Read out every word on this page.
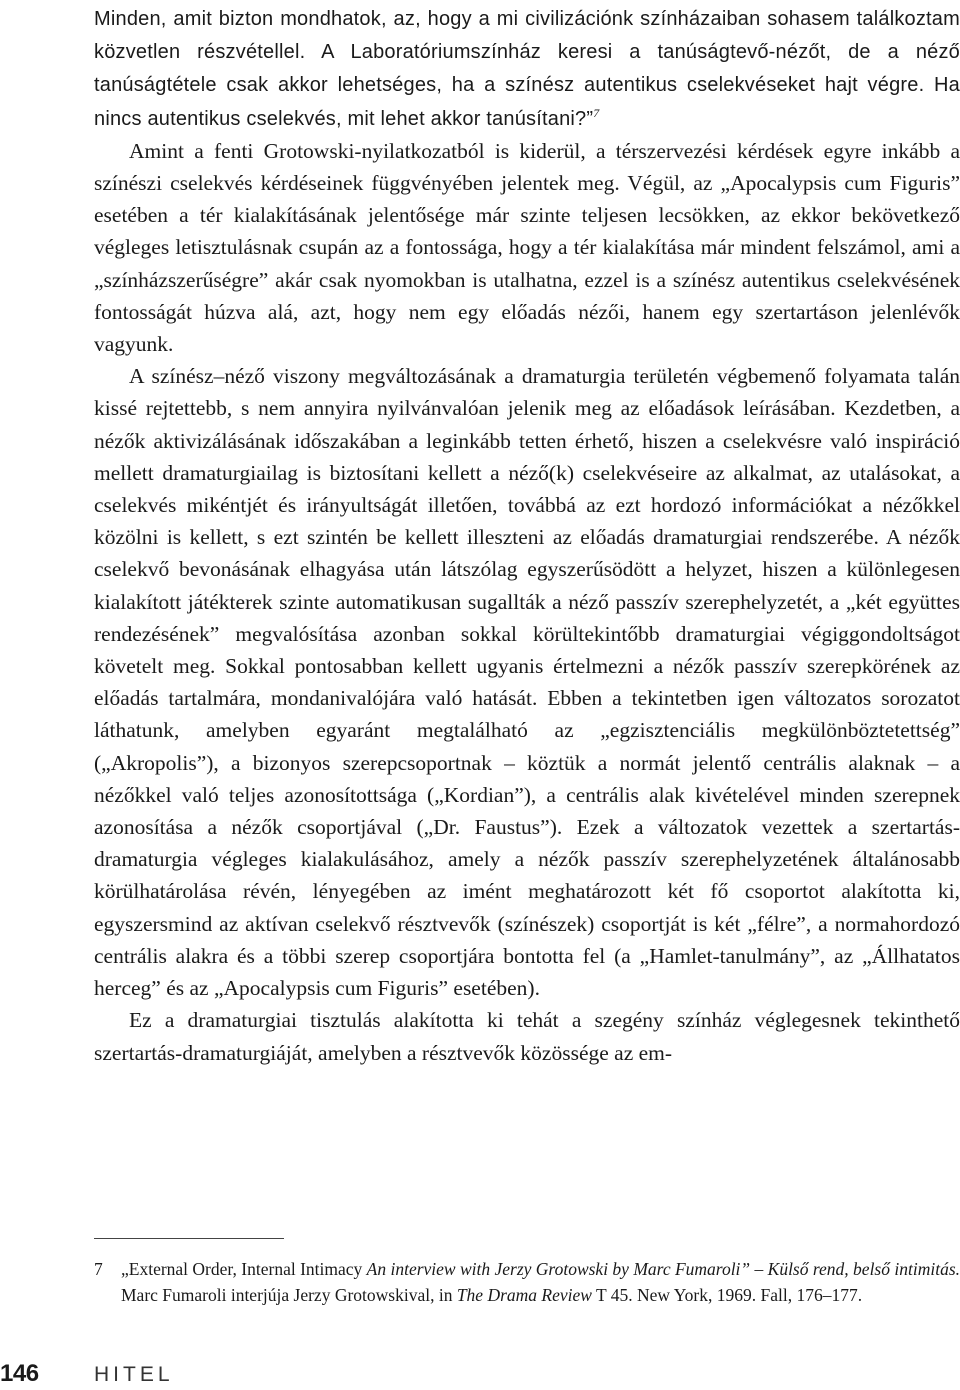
Minden, amit bizton mondhatok, az, hogy a mi civilizációnk színházaiban sohasem találkoztam közvetlen részvétellel. A Laboratóriumszínház keresi a tanúságtevő-nézőt, de a néző tanúságtétele csak akkor lehetséges, ha a színész autentikus cselekvéseket hajt végre. Ha nincs autentikus cselekvés, mit lehet akkor tanúsítani?”$^7$

Amint a fenti Grotowski-nyilatkozatból is kiderül, a térszervezési kérdések egyre inkább a színészi cselekvés kérdéseinek függvényében jelentek meg. Végül, az „Apocalypsis cum Figuris” esetében a tér kialakításának jelentősége már szinte teljesen lecsökken, az ekkor bekövetkező végleges letisztulásnak csupán az a fontossága, hogy a tér kialakítása már mindent felszámol, ami a „színházszerűségre” akár csak nyomokban is utalhatna, ezzel is a színész autentikus cselekvésének fontosságát húzva alá, azt, hogy nem egy előadás nézői, hanem egy szertartáson jelenlévők vagyunk.

A színész–néző viszony megváltozásának a dramaturgia területén végbemenő folyamata talán kissé rejtettebb, s nem annyira nyilvánvalóan jelenik meg az előadások leírásában. Kezdetben, a nézők aktivizálásának időszakában a leginkább tetten érhető, hiszen a cselekvésre való inspiráció mellett dramaturgiailag is biztosítani kellett a néző(k) cselekvéseire az alkalmat, az utalásokat, a cselekvés mikéntjét és irányultságát illetően, továbbá az ezt hordozó információkat a nézőkkel közölni is kellett, s ezt szintén be kellett illeszteni az előadás dramaturgiai rendszerébe. A nézők cselekvő bevonásának elhagyása után látszólag egyszerűsödött a helyzet, hiszen a különlegesen kialakított játékterek szinte automatikusan sugallták a néző passzív szerephelyzetét, a „két együttes rendezésének” megvalósítása azonban sokkal körültekintőbb dramaturgiai végiggondoltságot követelt meg. Sokkal pontosabban kellett ugyanis értelmezni a nézők passzív szerepkörének az előadás tartalmára, mondanivalójára való hatását. Ebben a tekintetben igen változatos sorozatot láthatunk, amelyben egyaránt megtalálható az „egzisztenciális megkülönböztetettség” („Akropolis”), a bizonyos szerepcsoportnak – köztük a normát jelentő centrális alaknak – a nézőkkel való teljes azonosítottsága („Kordian”), a centrális alak kivételével minden szerepnek azonosítása a nézők csoportjával („Dr. Faustus”). Ezek a változatok vezettek a szertartás-dramaturgia végleges kialakulásához, amely a nézők passzív szerephelyzetének általánosabb körülhatárolása révén, lényegében az imént meghatározott két fő csoportot alakította ki, egyszersmind az aktívan cselekvő résztvevők (színészek) csoportját is két „félre”, a normahordozó centrális alakra és a többi szerep csoportjára bontotta fel (a „Hamlet-tanulmány”, az „Állhatatos herceg” és az „Apocalypsis cum Figuris” esetében).

Ez a dramaturgiai tisztulás alakította ki tehát a szegény színház véglegesnek tekinthető szertartás-dramaturgiáját, amelyben a résztvevők közössége az em-

7 „External Order, Internal Intimacy An interview with Jerzy Grotowski by Marc Fumaroli” – Külső rend, belső intimitás. Marc Fumaroli interjúja Jerzy Grotowskival, in The Drama Review T 45. New York, 1969. Fall, 176–177.
146	HITEL
